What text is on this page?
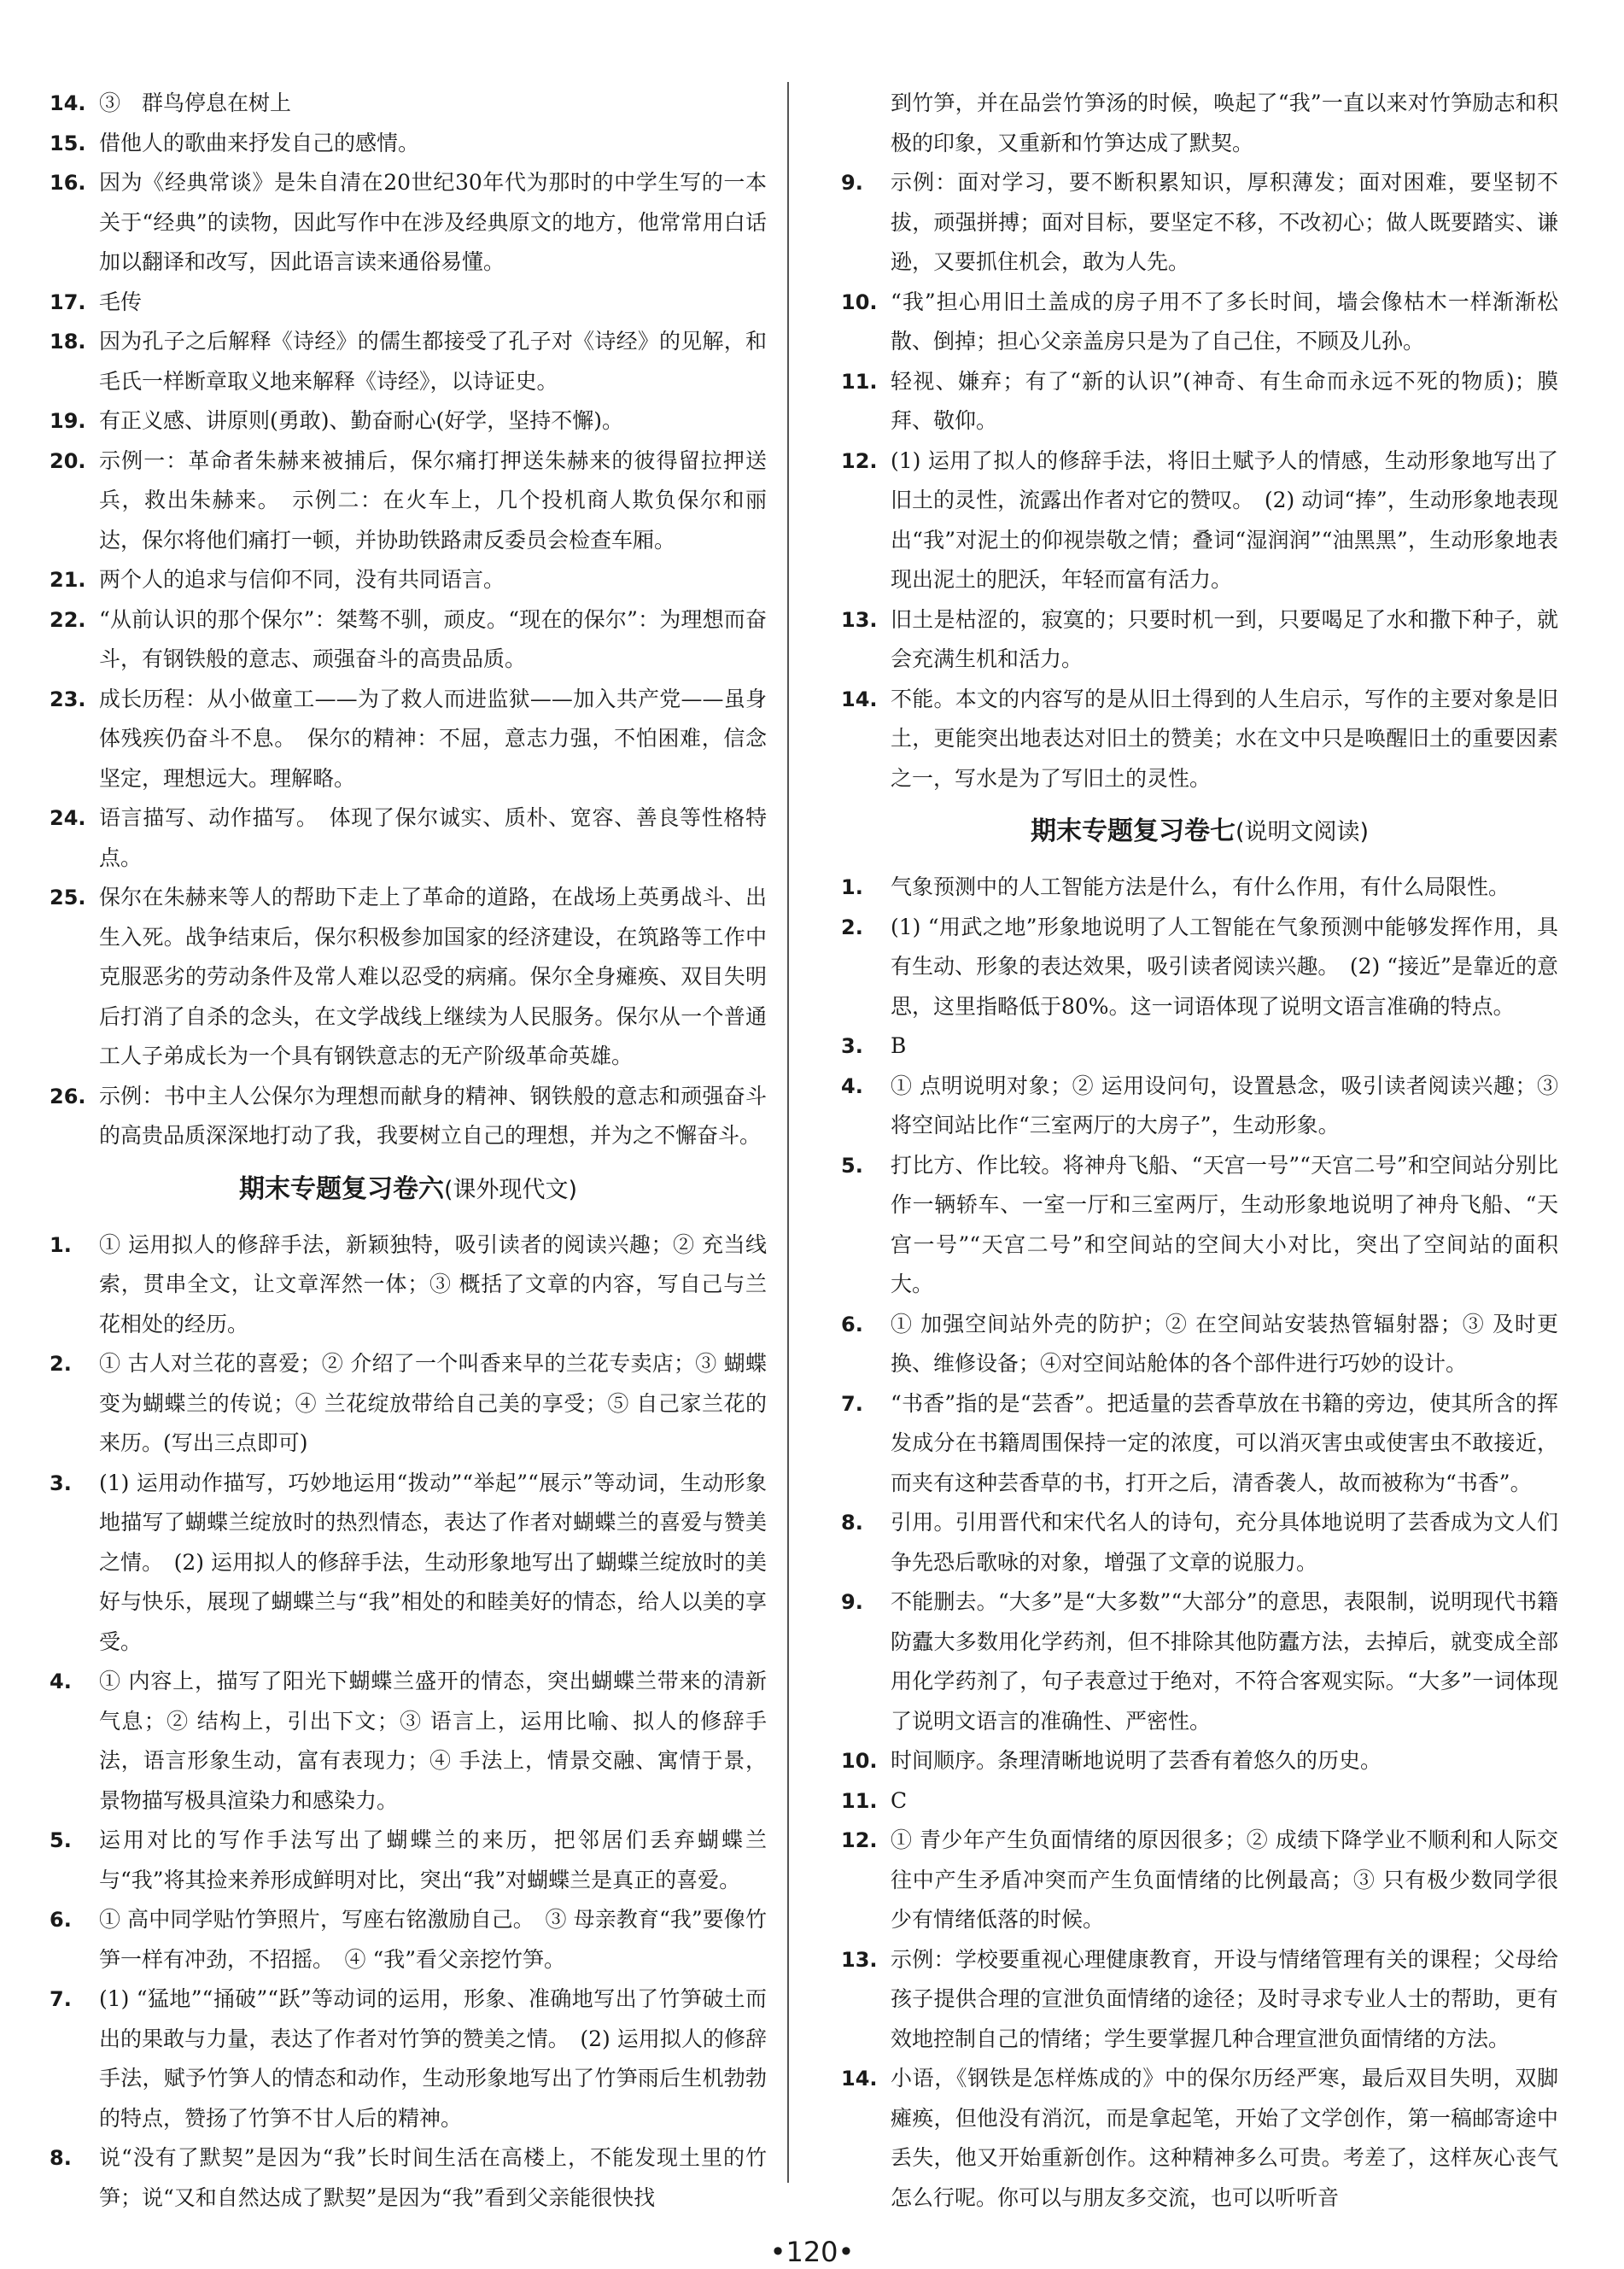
14. ③　群鸟停息在树上

15. 借他人的歌曲来抒发自己的感情。

16. 因为《经典常谈》是朱自清在20世纪30年代为那时的中学生写的一本关于“经典”的读物，因此写作中在涉及经典原文的地方，他常常用白话加以翻译和改写，因此语言读来通俗易懂。

17. 毛传

18. 因为孔子之后解释《诗经》的儒生都接受了孔子对《诗经》的见解，和毛氏一样断章取义地来解释《诗经》，以诗证史。

19. 有正义感、讲原则(勇敢)、勤奋耐心(好学，坚持不懈)。

20. 示例一：革命者朱赫来被捕后，保尔痛打押送朱赫来的彼得留拉押送兵，救出朱赫来。　示例二：在火车上，几个投机商人欺负保尔和丽达，保尔将他们痛打一顿，并协助铁路肃反委员会检查车厢。

21. 两个人的追求与信仰不同，没有共同语言。

22. “从前认识的那个保尔”：桀骜不驯，顽皮。“现在的保尔”：为理想而奋斗，有钢铁般的意志、顽强奋斗的高贵品质。

23. 成长历程：从小做童工——为了救人而进监狱——加入共产党——虽身体残疾仍奋斗不息。　保尔的精神：不屈，意志力强，不怕困难，信念坚定，理想远大。理解略。

24. 语言描写、动作描写。　体现了保尔诚实、质朴、宽容、善良等性格特点。

25. 保尔在朱赫来等人的帮助下走上了革命的道路，在战场上英勇战斗、出生入死。战争结束后，保尔积极参加国家的经济建设，在筑路等工作中克服恶劣的劳动条件及常人难以忍受的病痛。保尔全身瘫痪、双目失明后打消了自杀的念头，在文学战线上继续为人民服务。保尔从一个普通工人子弟成长为一个具有钢铁意志的无产阶级革命英雄。

26. 示例：书中主人公保尔为理想而献身的精神、钢铁般的意志和顽强奋斗的高贵品质深深地打动了我，我要树立自己的理想，并为之不懈奋斗。

期末专题复习卷六(课外现代文)

1. ① 运用拟人的修辞手法，新颖独特，吸引读者的阅读兴趣；② 充当线索，贯串全文，让文章浑然一体；③ 概括了文章的内容，写自己与兰花相处的经历。

2. ① 古人对兰花的喜爱；② 介绍了一个叫香来早的兰花专卖店；③ 蝴蝶变为蝴蝶兰的传说；④ 兰花绽放带给自己美的享受；⑤ 自己家兰花的来历。(写出三点即可)

3. (1) 运用动作描写，巧妙地运用“拨动”“举起”“展示”等动词，生动形象地描写了蝴蝶兰绽放时的热烈情态，表达了作者对蝴蝶兰的喜爱与赞美之情。　(2) 运用拟人的修辞手法，生动形象地写出了蝴蝶兰绽放时的美好与快乐，展现了蝴蝶兰与“我”相处的和睦美好的情态，给人以美的享受。

4. ① 内容上，描写了阳光下蝴蝶兰盛开的情态，突出蝴蝶兰带来的清新气息；② 结构上，引出下文；③ 语言上，运用比喻、拟人的修辞手法，语言形象生动，富有表现力；④ 手法上，情景交融、寓情于景，景物描写极具渲染力和感染力。

5. 运用对比的写作手法写出了蝴蝶兰的来历，把邻居们丢弃蝴蝶兰与“我”将其捡来养形成鲜明对比，突出“我”对蝴蝶兰是真正的喜爱。

6. ① 高中同学贴竹笋照片，写座右铭激励自己。　③ 母亲教育“我”要像竹笋一样有冲劲，不招摇。　④ “我”看父亲挖竹笋。

7. (1) “猛地”“捅破”“跃”等动词的运用，形象、准确地写出了竹笋破土而出的果敢与力量，表达了作者对竹笋的赞美之情。　(2) 运用拟人的修辞手法，赋予竹笋人的情态和动作，生动形象地写出了竹笋雨后生机勃勃的特点，赞扬了竹笋不甘人后的精神。

8. 说“没有了默契”是因为“我”长时间生活在高楼上，不能发现土里的竹笋；说“又和自然达成了默契”是因为“我”看到父亲能很快找

到竹笋，并在品尝竹笋汤的时候，唤起了“我”一直以来对竹笋励志和积极的印象，又重新和竹笋达成了默契。

9. 示例：面对学习，要不断积累知识，厚积薄发；面对困难，要坚韧不拔，顽强拼搏；面对目标，要坚定不移，不改初心；做人既要踏实、谦逊，又要抓住机会，敢为人先。

10. “我”担心用旧土盖成的房子用不了多长时间，墙会像枯木一样渐渐松散、倒掉；担心父亲盖房只是为了自己住，不顾及儿孙。

11. 轻视、嫌弃；有了“新的认识”(神奇、有生命而永远不死的物质)；膜拜、敬仰。

12. (1) 运用了拟人的修辞手法，将旧土赋予人的情感，生动形象地写出了旧土的灵性，流露出作者对它的赞叹。　(2) 动词“捧”，生动形象地表现出“我”对泥土的仰视崇敬之情；叠词“湿润润”“油黑黑”，生动形象地表现出泥土的肥沃，年轻而富有活力。

13. 旧土是枯涩的，寂寞的；只要时机一到，只要喝足了水和撒下种子，就会充满生机和活力。

14. 不能。本文的内容写的是从旧土得到的人生启示，写作的主要对象是旧土，更能突出地表达对旧土的赞美；水在文中只是唤醒旧土的重要因素之一，写水是为了写旧土的灵性。

期末专题复习卷七(说明文阅读)

1. 气象预测中的人工智能方法是什么，有什么作用，有什么局限性。

2. (1) “用武之地”形象地说明了人工智能在气象预测中能够发挥作用，具有生动、形象的表达效果，吸引读者阅读兴趣。　(2) “接近”是靠近的意思，这里指略低于80%。这一词语体现了说明文语言准确的特点。

3. B

4. ① 点明说明对象；② 运用设问句，设置悬念，吸引读者阅读兴趣；③ 将空间站比作“三室两厅的大房子”，生动形象。

5. 打比方、作比较。将神舟飞船、“天宫一号”“天宫二号”和空间站分别比作一辆轿车、一室一厅和三室两厅，生动形象地说明了神舟飞船、“天宫一号”“天宫二号”和空间站的空间大小对比，突出了空间站的面积大。

6. ① 加强空间站外壳的防护；② 在空间站安装热管辐射器；③ 及时更换、维修设备；④对空间站舱体的各个部件进行巧妙的设计。

7. “书香”指的是“芸香”。把适量的芸香草放在书籍的旁边，使其所含的挥发成分在书籍周围保持一定的浓度，可以消灭害虫或使害虫不敢接近，而夹有这种芸香草的书，打开之后，清香袭人，故而被称为“书香”。

8. 引用。引用晋代和宋代名人的诗句，充分具体地说明了芸香成为文人们争先恐后歌咏的对象，增强了文章的说服力。

9. 不能删去。“大多”是“大多数”“大部分”的意思，表限制，说明现代书籍防蠹大多数用化学药剂，但不排除其他防蠹方法，去掉后，就变成全部用化学药剂了，句子表意过于绝对，不符合客观实际。“大多”一词体现了说明文语言的准确性、严密性。

10. 时间顺序。条理清晰地说明了芸香有着悠久的历史。

11. C

12. ① 青少年产生负面情绪的原因很多；② 成绩下降学业不顺利和人际交往中产生矛盾冲突而产生负面情绪的比例最高；③ 只有极少数同学很少有情绪低落的时候。

13. 示例：学校要重视心理健康教育，开设与情绪管理有关的课程；父母给孩子提供合理的宣泄负面情绪的途径；及时寻求专业人士的帮助，更有效地控制自己的情绪；学生要掌握几种合理宣泄负面情绪的方法。

14. 小语，《钢铁是怎样炼成的》中的保尔历经严寒，最后双目失明，双脚瘫痪，但他没有消沉，而是拿起笔，开始了文学创作，第一稿邮寄途中丢失，他又开始重新创作。这种精神多么可贵。考差了，这样灰心丧气怎么行呢。你可以与朋友多交流，也可以听听音

•120•
